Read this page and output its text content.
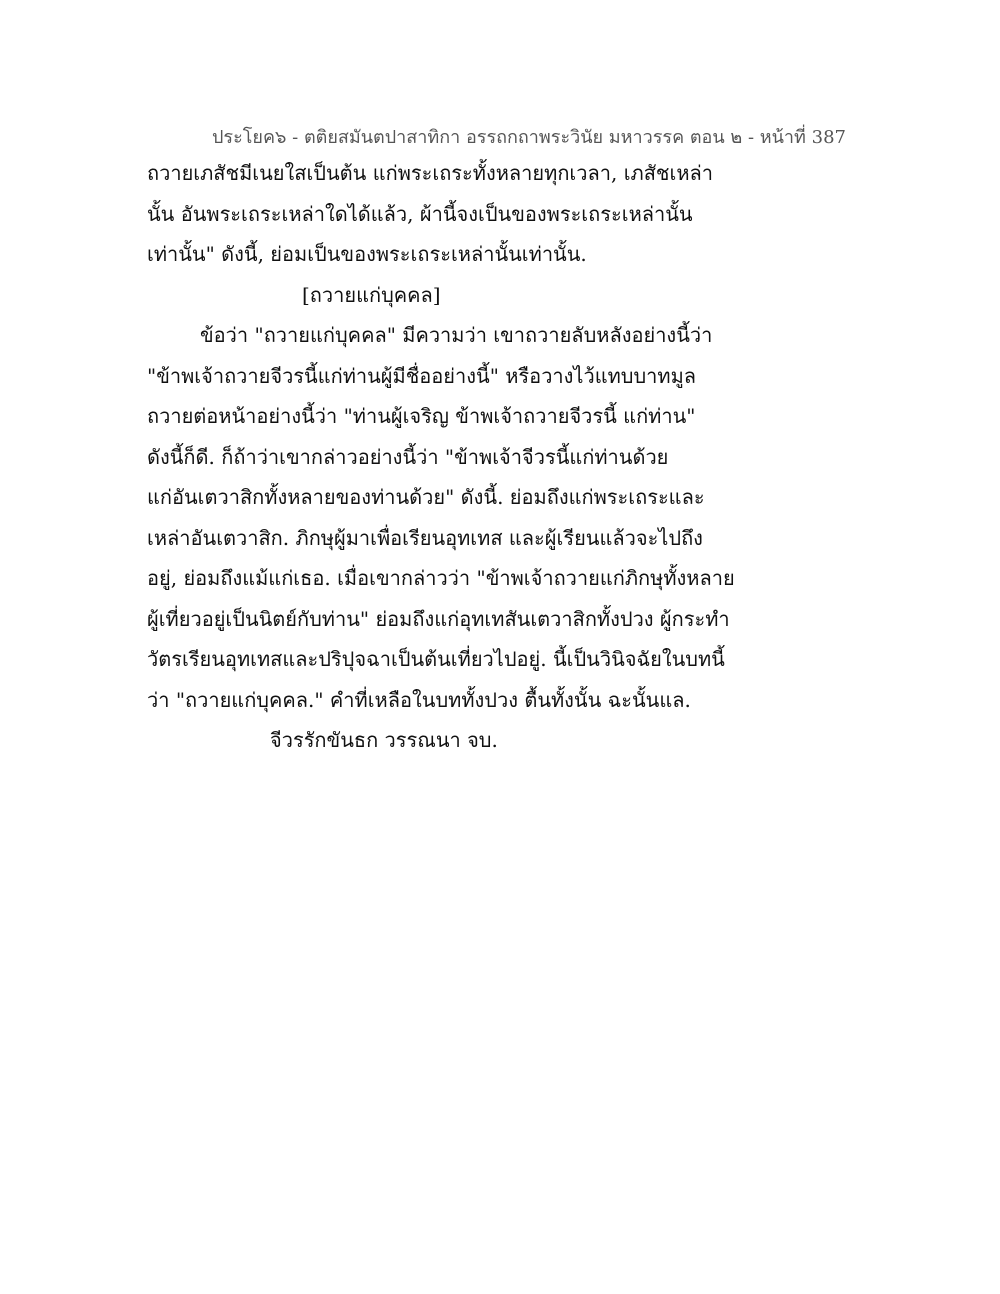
ประโยค๖ - ตติยสมันตปาสาทิกา อรรถกถาพระวินัย มหาวรรค ตอน ๒ - หน้าที่ 387
ถวายเภสัชมีเนยใสเป็นต้น แก่พระเถระทั้งหลายทุกเวลา, เภสัชเหล่า
นั้น อันพระเถระเหล่าใดได้แล้ว, ผ้านี้จงเป็นของพระเถระเหล่านั้น
เท่านั้น" ดังนี้, ย่อมเป็นของพระเถระเหล่านั้นเท่านั้น.
[ถวายแก่บุคคล]
ข้อว่า "ถวายแก่บุคคล" มีความว่า เขาถวายลับหลังอย่างนี้ว่า
"ข้าพเจ้าถวายจีวรนี้แก่ท่านผู้มีชื่ออย่างนี้" หรือวางไว้แทบบาทมูล
ถวายต่อหน้าอย่างนี้ว่า "ท่านผู้เจริญ ข้าพเจ้าถวายจีวรนี้ แก่ท่าน"
ดังนี้ก็ดี. ก็ถ้าว่าเขากล่าวอย่างนี้ว่า "ข้าพเจ้าจีวรนี้แก่ท่านด้วย
แก่อันเตวาสิกทั้งหลายของท่านด้วย" ดังนี้. ย่อมถึงแก่พระเถระและ
เหล่าอันเตวาสิก. ภิกษุผู้มาเพื่อเรียนอุทเทส และผู้เรียนแล้วจะไปถึง
อยู่, ย่อมถึงแม้แก่เธอ. เมื่อเขากล่าวว่า "ข้าพเจ้าถวายแก่ภิกษุทั้งหลาย
ผู้เที่ยวอยู่เป็นนิตย์กับท่าน" ย่อมถึงแก่อุทเทสันเตวาสิกทั้งปวง ผู้กระทำ
วัตรเรียนอุทเทสและปริปุจฉาเป็นต้นเที่ยวไปอยู่. นี้เป็นวินิจฉัยในบทนี้
ว่า "ถวายแก่บุคคล." คำที่เหลือในบททั้งปวง ตื้นทั้งนั้น ฉะนั้นแล.
จีวรรักขันธก วรรณนา จบ.
